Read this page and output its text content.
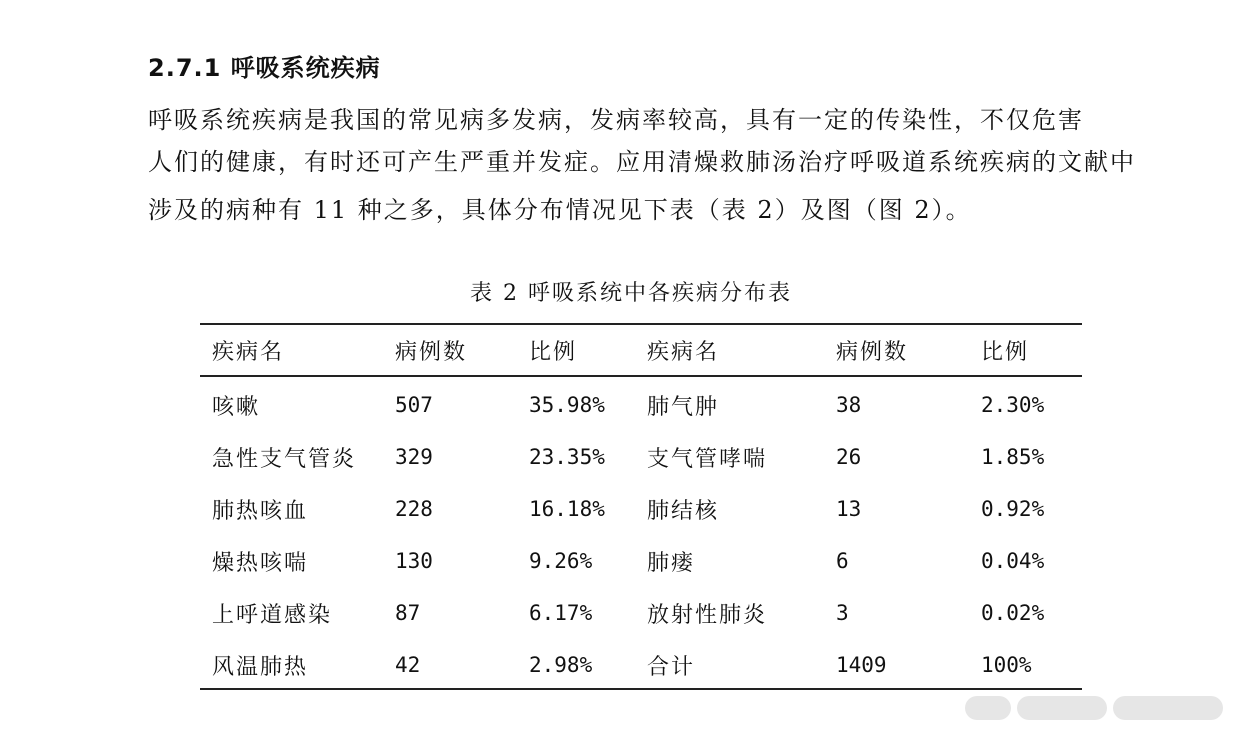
2.7.1 呼吸系统疾病
呼吸系统疾病是我国的常见病多发病，发病率较高，具有一定的传染性，不仅危害
人们的健康，有时还可产生严重并发症。应用清燥救肺汤治疗呼吸道系统疾病的文献中
涉及的病种有 11 种之多，具体分布情况见下表（表 2）及图（图 2）。
表 2 呼吸系统中各疾病分布表
疾病名	病例数	比例	疾病名	病例数	比例
咳嗽	507	35.98%	肺气肿	38	2.30%
急性支气管炎	329	23.35%	支气管哮喘	26	1.85%
肺热咳血	228	16.18%	肺结核	13	0.92%
燥热咳喘	130	9.26%	肺瘘	6	0.04%
上呼道感染	87	6.17%	放射性肺炎	3	0.02%
风温肺热	42	2.98%	合计	1409	100%
